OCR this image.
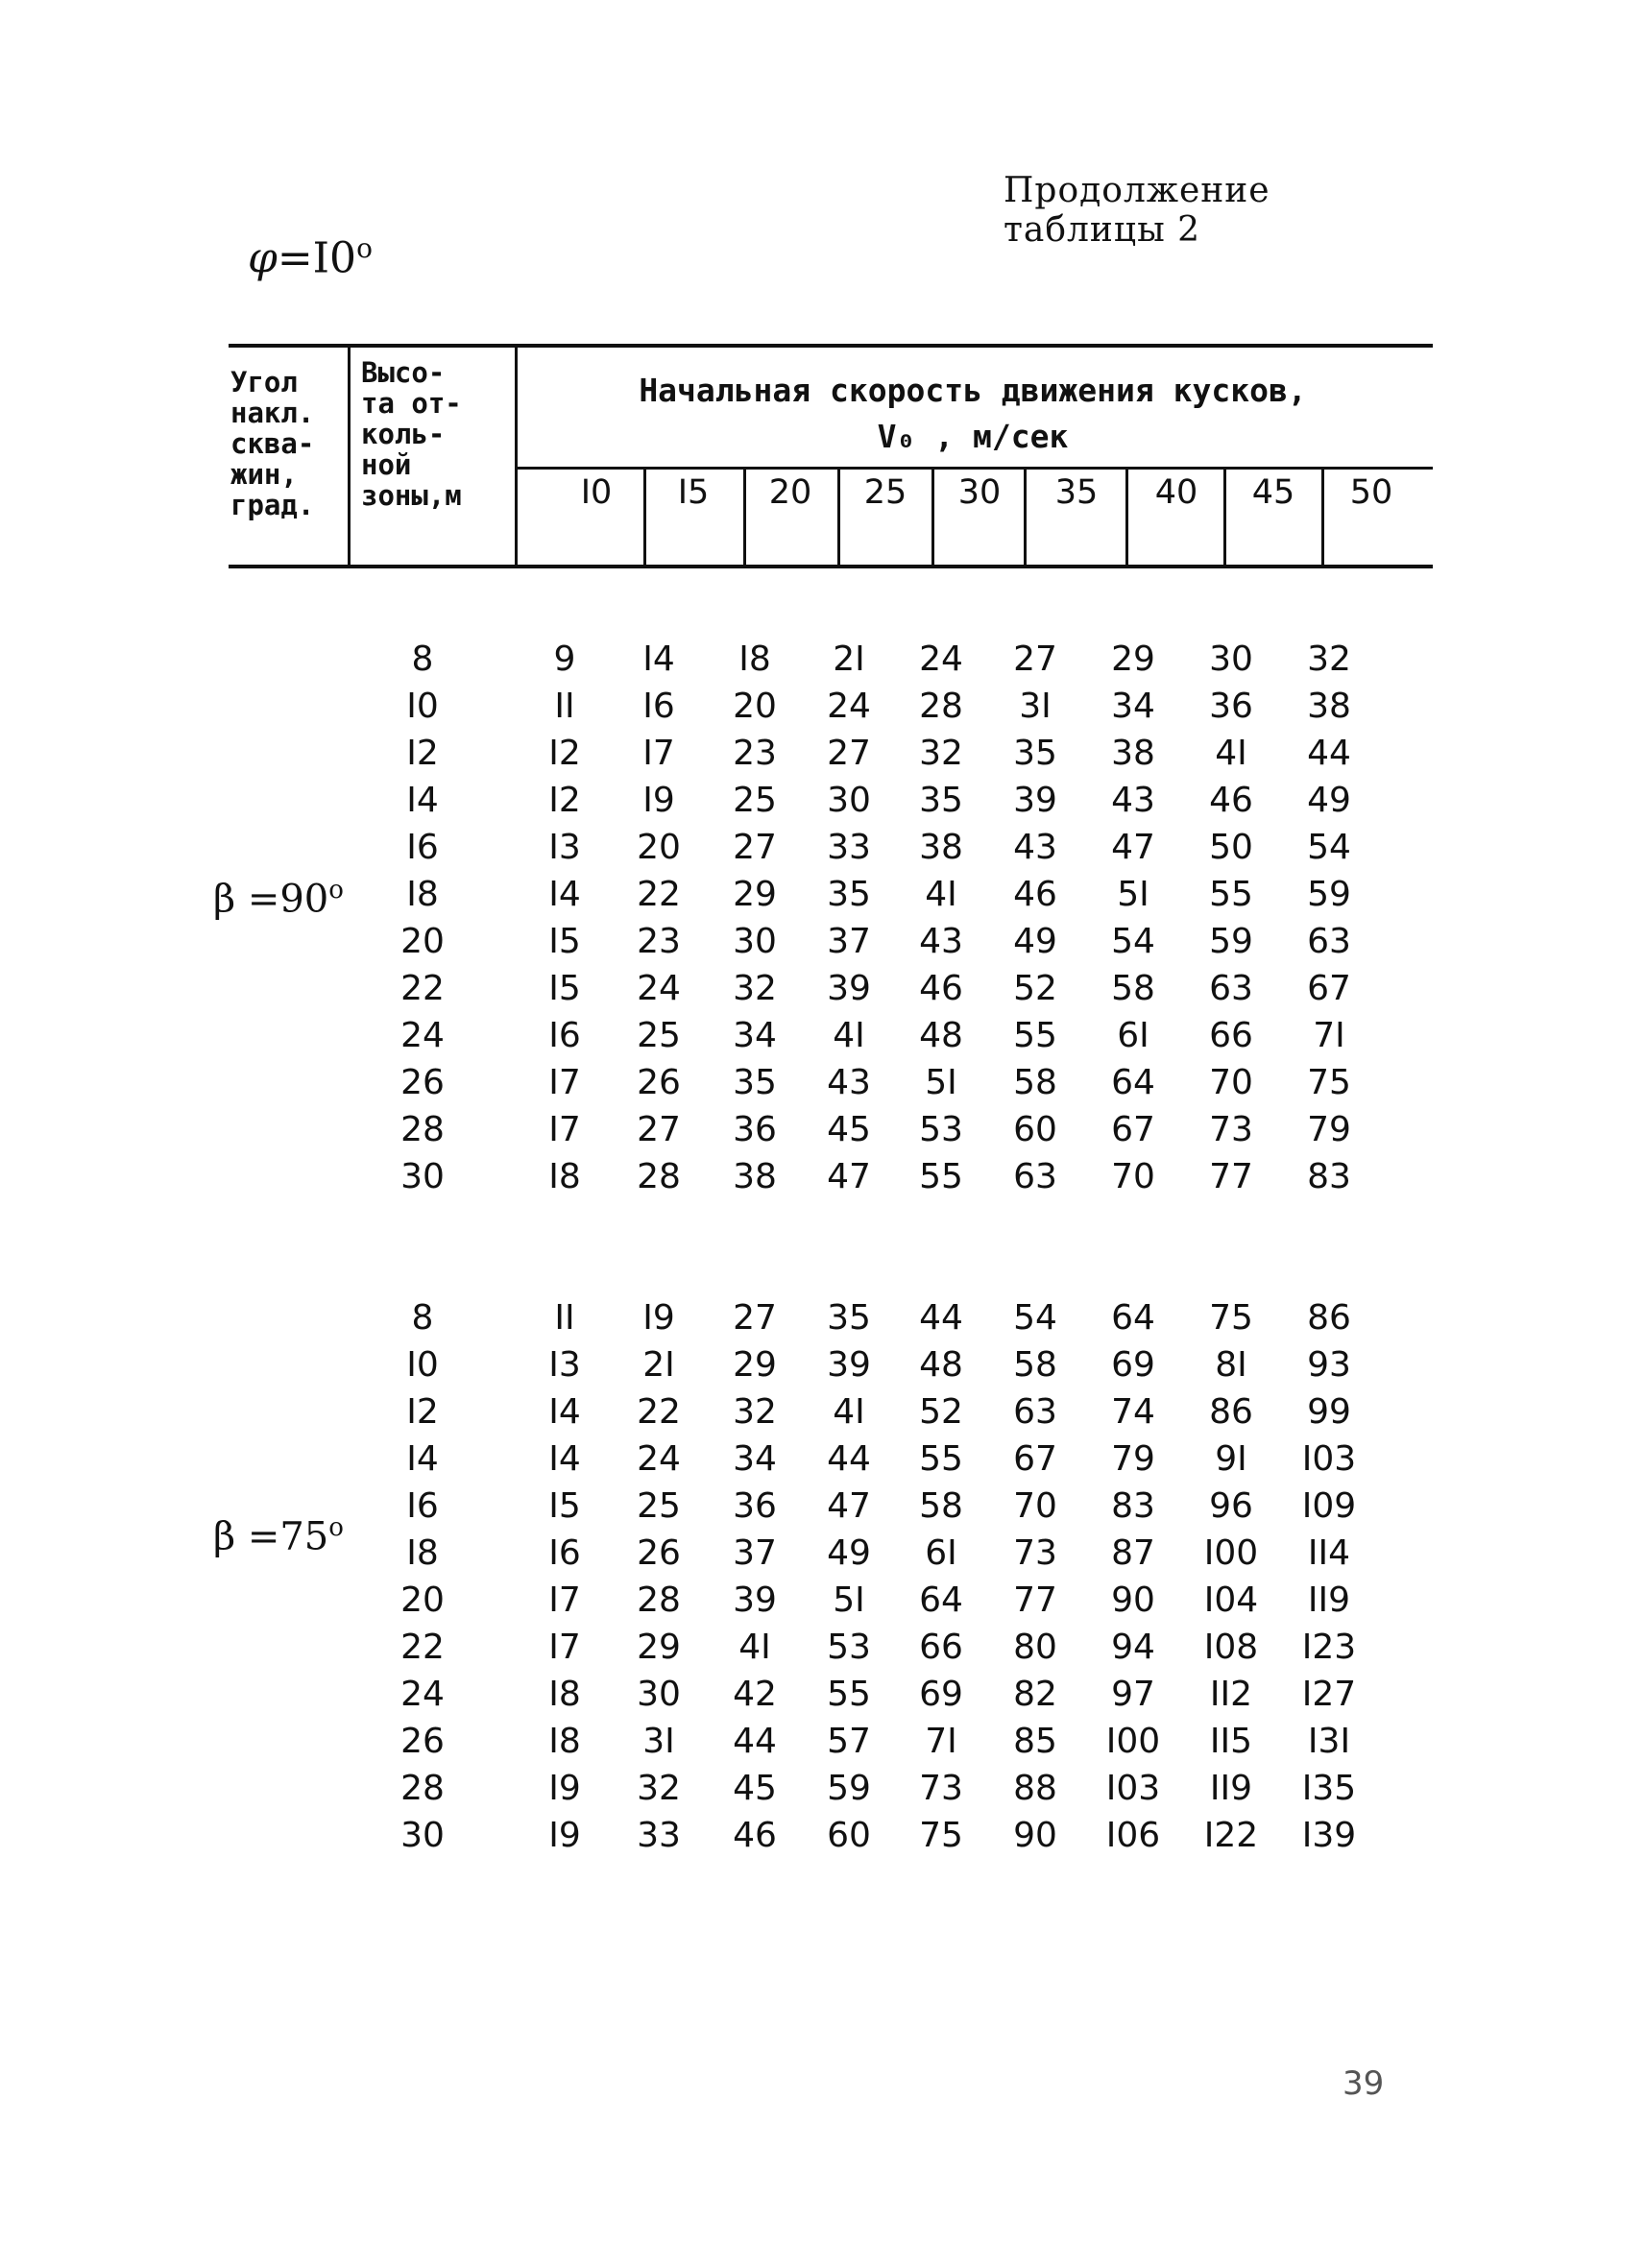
Продолжение таблицы 2
$\varphi=I0^o$
Угол
накл.
сква-
жин,
град.
Высо-
та от-
коль-
ной
зоны,м
Начальная скорость движения кусков,
V₀ , м/сек
I0	I5	20	25	30	35	40	45	50
$\beta =90^o$
8	9	I4	I8	2I	24	27	29	30	32
I0	II	I6	20	24	28	3I	34	36	38
I2	I2	I7	23	27	32	35	38	4I	44
I4	I2	I9	25	30	35	39	43	46	49
I6	I3	20	27	33	38	43	47	50	54
I8	I4	22	29	35	4I	46	5I	55	59
20	I5	23	30	37	43	49	54	59	63
22	I5	24	32	39	46	52	58	63	67
24	I6	25	34	4I	48	55	6I	66	7I
26	I7	26	35	43	5I	58	64	70	75
28	I7	27	36	45	53	60	67	73	79
30	I8	28	38	47	55	63	70	77	83
$\beta =75^o$
8	II	I9	27	35	44	54	64	75	86
I0	I3	2I	29	39	48	58	69	8I	93
I2	I4	22	32	4I	52	63	74	86	99
I4	I4	24	34	44	55	67	79	9I	I03
I6	I5	25	36	47	58	70	83	96	I09
I8	I6	26	37	49	6I	73	87	I00	II4
20	I7	28	39	5I	64	77	90	I04	II9
22	I7	29	4I	53	66	80	94	I08	I23
24	I8	30	42	55	69	82	97	II2	I27
26	I8	3I	44	57	7I	85	I00	II5	I3I
28	I9	32	45	59	73	88	I03	II9	I35
30	I9	33	46	60	75	90	I06	I22	I39
39
